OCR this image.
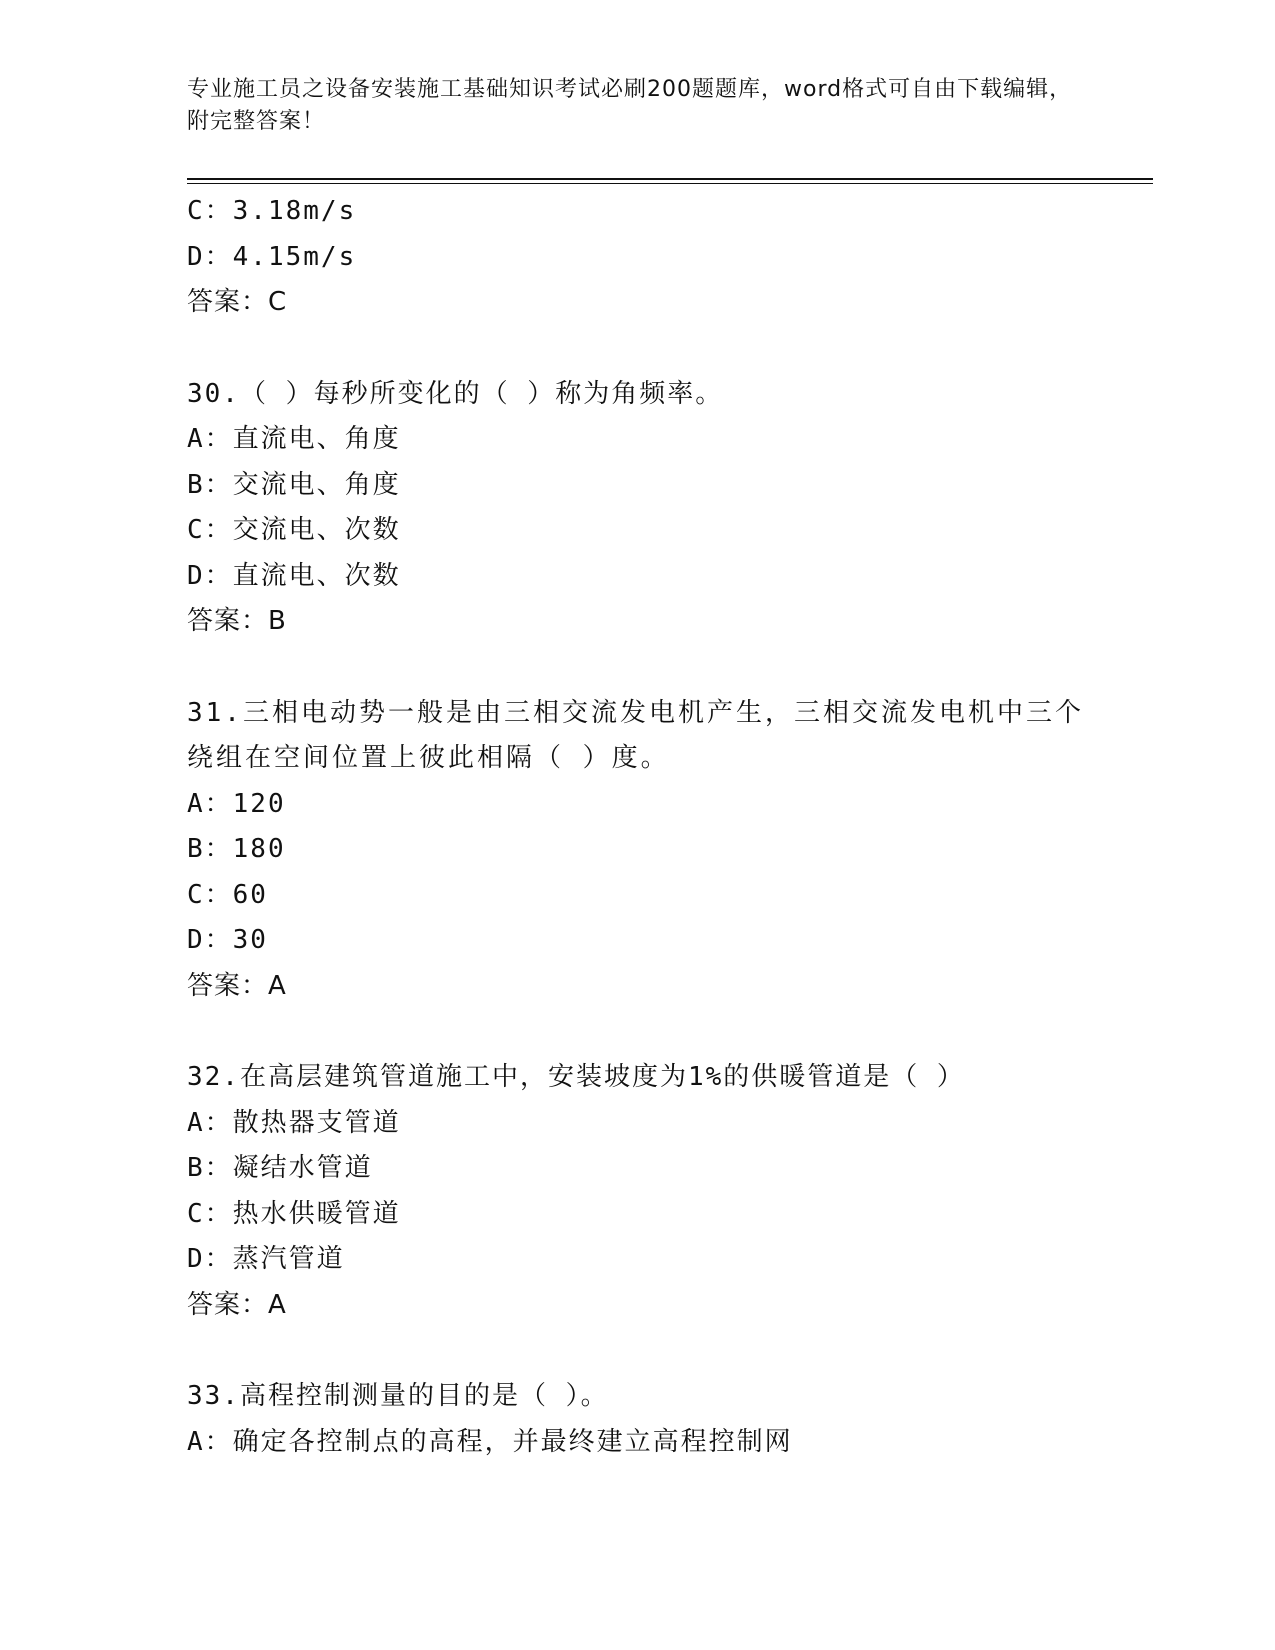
专业施工员之设备安装施工基础知识考试必刷200题题库，word格式可自由下载编辑，附完整答案！
C：3.18m/s
D：4.15m/s
答案：C
30.（ ）每秒所变化的（ ）称为角频率。
A：直流电、角度
B：交流电、角度
C：交流电、次数
D：直流电、次数
答案：B
31.三相电动势一般是由三相交流发电机产生，三相交流发电机中三个绕组在空间位置上彼此相隔（ ）度。
A：120
B：180
C：60
D：30
答案：A
32.在高层建筑管道施工中，安装坡度为1%的供暖管道是（ ）
A：散热器支管道
B：凝结水管道
C：热水供暖管道
D：蒸汽管道
答案：A
33.高程控制测量的目的是（ ）。
A：确定各控制点的高程，并最终建立高程控制网
